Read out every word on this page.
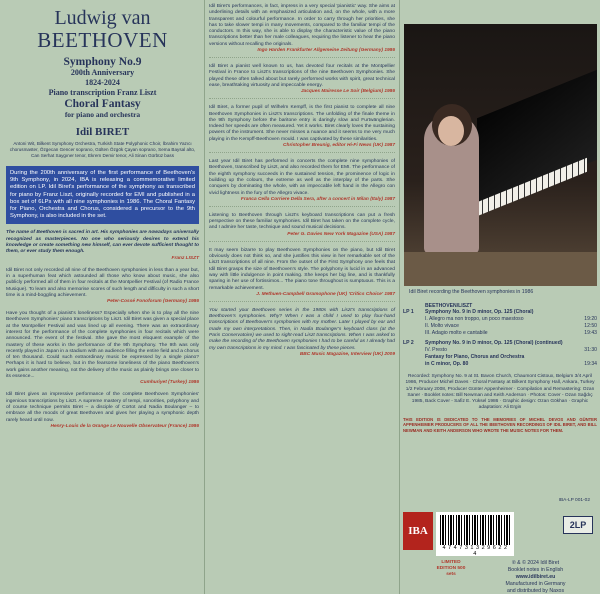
Ludwig van
BEETHOVEN
Symphony No.9
200th Anniversary
1824-2024
Piano transcription Franz Liszt
Choral Fantasy
for piano and orchestra
Idil BIRET
Antoni Wit, Bilkent Symphony Orchestra, Turkish State Polyphonic Choir, İbrahim Yazıcı chorusmaster, Özgecan Gencer soprano, Gülten Özgök Çayan soprano, Sema Baysal alto, Can Serhat Saygıner tenor, Ekrem Demir tenor, Ali Sinan Gürbüz bass
During the 200th anniversary of the first performance of Beethoven's 9th Symphony, in 2024, IBA is releasing a commemorative limited edition on LP. Idil Biret's performance of the symphony as transcribed for piano by Franz Liszt, originally recorded for EMI and published in a box set of 6LPs with all nine symphonies in 1986. The Choral Fantasy for Piano, Orchestra and Chorus, considered a precursor to the 9th Symphony, is also included in the set.
The name of Beethoven is sacred in art. His symphonies are nowadays universally recognized as masterpieces. No one who seriously desires to extend his knowledge or create something new himself, can ever devote sufficient thought to them, or ever study them enough.
Franz LISZT
Idil Biret not only recorded all nine of the Beethoven symphonies in less than a year but, in a superhuman feat which astounded all those who know about music, she also publicly performed all of them in four recitals at the Montpellier Festival (of Radio France Musique). To learn and also memorise scores of such length and difficulty in such a short time is a mind-boggling achievement.
Peter-Cossé Fonoforum (Germany) 1986
Have you thought of a pianist's loneliness? Especially when she is to play all the nine Beethoven Symphonies' piano transcriptions by Liszt. Idil Biret was given a special place at the Montpellier Festival and was lined up all evening. There was an extraordinary interest for the performance of the complete symphonies in four recitals which were announced. The event of the festival. She gave the most eloquent example of the mastery of these works in the performance of the 9th Symphony. The 9th was only recently played in Japan in a stadium with an audience filling the entire field and a chorus of ten thousand. Could such extraordinary music be expressed by a single piano? Perhaps it is hard to believe, but in the fearsome loneliness of the piano Beethoven's work gains another meaning, not the delivery of the music as plainly brings one closer to its essence...
Cumhuriyet (Turkey) 1986
Idil Biret gives an impressive performance of the complete Beethoven Symphonies' ingenious transcriptions by Liszt. A supreme mastery of tempi, sonorities, polyphony and of course technique permits Biret – a disciple of Cortot and Nadia Boulanger – to embrace all the moods of great Beethoven and gives her playing a symphonic depth rarely heard until now.
Henry-Louis de la Grange Le Nouvelle Observateur (France) 1986
Idil Biret's performances, in fact, impress in a very special 'pianistic' way. She aims at underlining details with an emphasized articulation and, on the whole, with a more transparent and colourful performance. In order to carry through her priorities, she has to take slower tempi in many movements, compared to the familiar tempi of the conductors. In this way, she is able to display the characteristic value of the piano transcriptions better than her male colleagues, requiring the listener to hear the piano versions without recalling the originals.
Ingo Harden Frankfurter Allgemeine Zeitung (Germany) 1986
Idil Biret a pianist well known to us, has devoted four recitals at the Montpellier Festival in France to Liszt's transcriptions of the nine Beethoven Symphonies. She played these often talked about but rarely performed works with spirit, great technical ease, breathtaking virtuosity and impeccable energy.
Jacques Mairesse Le Soir (Belgium) 1986
Idil Biret, a former pupil of Wilhelm Kempff, is the first pianist to complete all nine Beethoven Symphonies in Liszt's transcriptions. The unfolding of the finale theme in the 9th Symphony before the baritone entry is daringly slow and Furtwänglerian. Indeed her speeds are often measured. Yet it works. Biret clearly loves the sustaining powers of the instrument. She never misses a nuance and it seems to me very much playing in the Kempff-Beethoven mould. I was captivated by these similarities.
Christopher Breunig, editor Hi-Fi News (UK) 1987
Last year Idil Biret has performed in concerts the complete nine symphonies of Beethoven, transcribed by Liszt, and also recorded them for EMI. The performance of the eighth symphony succeeds in the sustained tension, the prominence of logic in building up the colours, the extreme as well as the interplay of the parts. She conquers by dominating the whole, with an impeccable left hand in the Allegro con vivid lightness in the fury of the Allegro vivace.
Franca Cella Corriere Della Sera, after a concert in Milan (Italy) 1987
Listening to Beethoven through Liszt's keyboard transcriptions can put a fresh perspective on these familiar symphonies. Idil Biret has taken on the complete cycle, and I admire her taste, technique and sound musical decisions.
Peter G. Davies New York Magazine (USA) 1987
It may seem bizarre to play Beethoven Symphonies on the piano, but Idil Biret obviously does not think so, and she justifies this view in her remarkable set of the Liszt transcriptions of all nine. From the outset of the First Symphony one feels that Idil Biret grasps the size of Beethoven's style. The polyphony is lucid in an advanced way with little indulgence in point making. She keeps her big line, and is thankfully sparing in her use of fortissimos... The piano tone throughout is sumptuous. This is a remarkable achievement.
J. Methuen-Campbell Gramophone (UK) 'Critics Choice' 1987
You started your Beethoven series in the 1980s with Liszt's transcriptions of Beethoven's symphonies. Why? When I was a child I used to play four-hand transcriptions of Beethoven's symphonies with my mother. Later I played by ear and made my own interpretations. Then, in Nadia Boulanger's keyboard class (at the Paris Conservatoire) we used to sight-read Liszt transcriptions. When I was asked to make the recording of the Beethoven symphonies I had to be careful as I already had my own transcriptions in my mind. I was fascinated by these pieces.
BBC Music Magazine, Interview (UK) 2009
Idil Biret recording the Beethoven symphonies in 1986
BEETHOVEN/LISZT
LP 1	Symphony No. 9 in D minor, Op. 125 (Choral)
I. Allegro ma non troppo, un poco maestoso	19:20
II. Molto vivace	12:50
III. Adagio molto e cantabile	19:43
LP 2	Symphony No. 9 in D minor, Op. 125 (Choral) (continued)
IV. Presto	31:30
Fantasy for Piano, Chorus and Orchestra
in C minor, Op. 80	19:34
Recorded: Symphony No. 9 at St. Bavon Church, Chaumont Cistoux, Belgium 3/4 April 1986, Producer Michel Daves · Choral Fantasy at Bilkent Symphony Hall, Ankara, Turkey 1/2 February 2008, Producer Günter Appenheimer · Compilation and Remastering: Ozan Saner · Booklet notes: Bill Newman and Keith Anderson · Photos: Cover - Ozan Sağdıç 1985, Back Cover - Safiz E. Yüksel 1986 · Graphic design: Ozan Gökhan · Graphic adaptation: Ali Ergin
THIS EDITION IS DEDICATED TO THE MEMORIES OF MICHEL DEVOS AND GÜNTER APPENHEIMER PRODUCERS OF ALL THE BEETHOVEN RECORDINGS OF IDIL BIRET, AND BILL NEWMAN AND KEITH ANDERSON WHO WROTE THE MUSIC NOTES FOR THEM.
IBA-LP 001-02
IBA
4 7 4 7 3 1 3 2 9 6 2 2 4
2LP
LIMITED EDITION 500 sets
℗ & © 2024 Idil Biret
Booklet notes in English
www.idilbiret.eu
Manufactured in Germany
and distributed by Naxos
